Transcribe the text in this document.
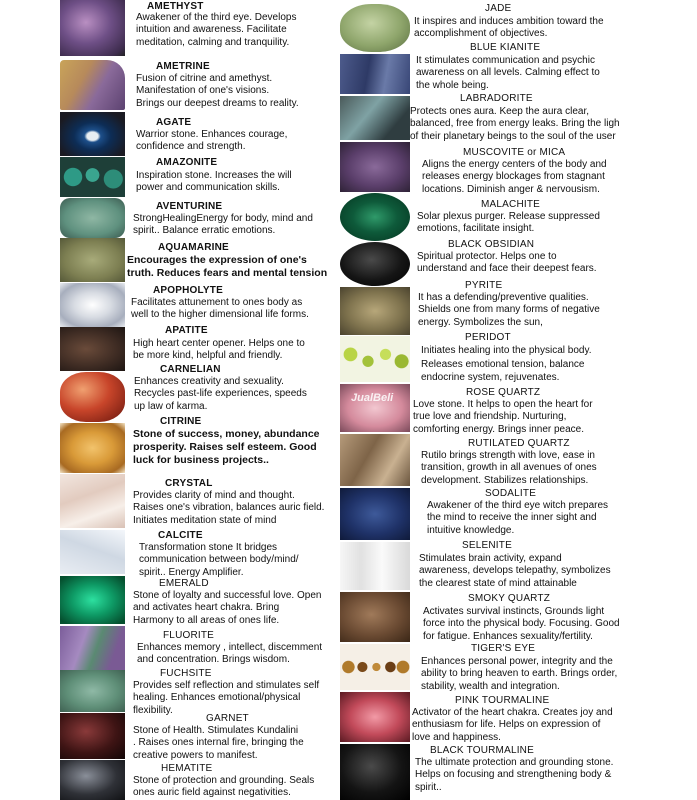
JualBeli
AMETHYST
Awakener of the third eye. Develops
intuition and awareness. Facilitate
meditation, calming and tranquility.
AMETRINE
Fusion of citrine and amethyst.
Manifestation of one's visions.
Brings our deepest dreams to reality.
AGATE
Warrior stone. Enhances courage,
confidence and strength.
AMAZONITE
Inspiration stone. Increases the will
power and communication skills.
AVENTURINE
StrongHealingEnergy for body, mind and
spirit.. Balance erratic emotions.
AQUAMARINE
Encourages the expression of one's
truth. Reduces fears and mental tension
APOPHOLYTE
Facilitates attunement to ones body as
well to the higher dimensional life forms.
APATITE
High heart center opener. Helps one to
be more kind, helpful and friendly.
CARNELIAN
Enhances creativity and sexuality.
Recycles past-life experiences, speeds
up law of karma.
CITRINE
Stone of success, money, abundance
prosperity. Raises self esteem. Good
luck for business projects..
CRYSTAL
Provides clarity of mind and thought.
Raises one's vibration, balances auric field.
Initiates meditation state of mind
CALCITE
Transformation stone It bridges
communication between body/mind/
spirit.. Energy Amplifier.
EMERALD
Stone of loyalty and successful love. Open
and activates heart chakra. Bring
Harmony to all areas of ones life.
FLUORITE
Enhances memory , intellect, discemment
and concentration. Brings wisdom.
FUCHSITE
Provides self reflection and stimulates self
healing. Enhances emotional/physical
flexibility.
GARNET
Stone of Health. Stimulates Kundalini
. Raises ones internal fire, bringing the
creative powers to manifest.
HEMATITE
Stone of protection and grounding. Seals
ones auric field against negativities.
JADE
It inspires and induces ambition toward the
accomplishment of objectives.
BLUE KIANITE
It stimulates communication and psychic
awareness on all levels. Calming effect to
the whole being.
LABRADORITE
Protects ones aura. Keep the aura clear,
balanced, free from energy leaks. Bring the ligh
of their planetary beings to the soul of the user
MUSCOVITE or MICA
Aligns the energy centers of the body and
releases energy blockages from stagnant
locations. Diminish anger & nervousism.
MALACHITE
Solar plexus purger. Release suppressed
emotions, facilitate insight.
BLACK OBSIDIAN
Spiritual protector. Helps one to
understand and face their deepest fears.
PYRITE
It has a defending/preventive qualities.
Shields one from many forms of negative
energy. Symbolizes the sun,
PERIDOT
Initiates healing into the physical body.
Releases emotional tension, balance
endocrine system, rejuvenates.
ROSE QUARTZ
Love stone. It helps to open the heart for
true love and friendship. Nurturing,
comforting energy. Brings inner peace.
RUTILATED QUARTZ
Rutilo brings strength with love, ease in
transition, growth in all avenues of ones
development. Stabilizes relationships.
SODALITE
Awakener of the third eye witch prepares
the mind to receive the inner sight and
intuitive knowledge.
SELENITE
Stimulates brain activity, expand
awareness, develops telepathy, symbolizes
the clearest state of mind attainable
SMOKY QUARTZ
Activates survival instincts, Grounds light
force into the physical body. Focusing. Good
for fatigue. Enhances sexuality/fertility.
TIGER'S EYE
Enhances personal power, integrity and the
ability to bring heaven to earth. Brings order,
stability, wealth and integration.
PINK TOURMALINE
Activator of the heart chakra. Creates joy and
enthusiasm for life. Helps on expression of
love and happiness.
BLACK TOURMALINE
The ultimate protection and grounding stone.
Helps on focusing and strengthening body &
spirit..
